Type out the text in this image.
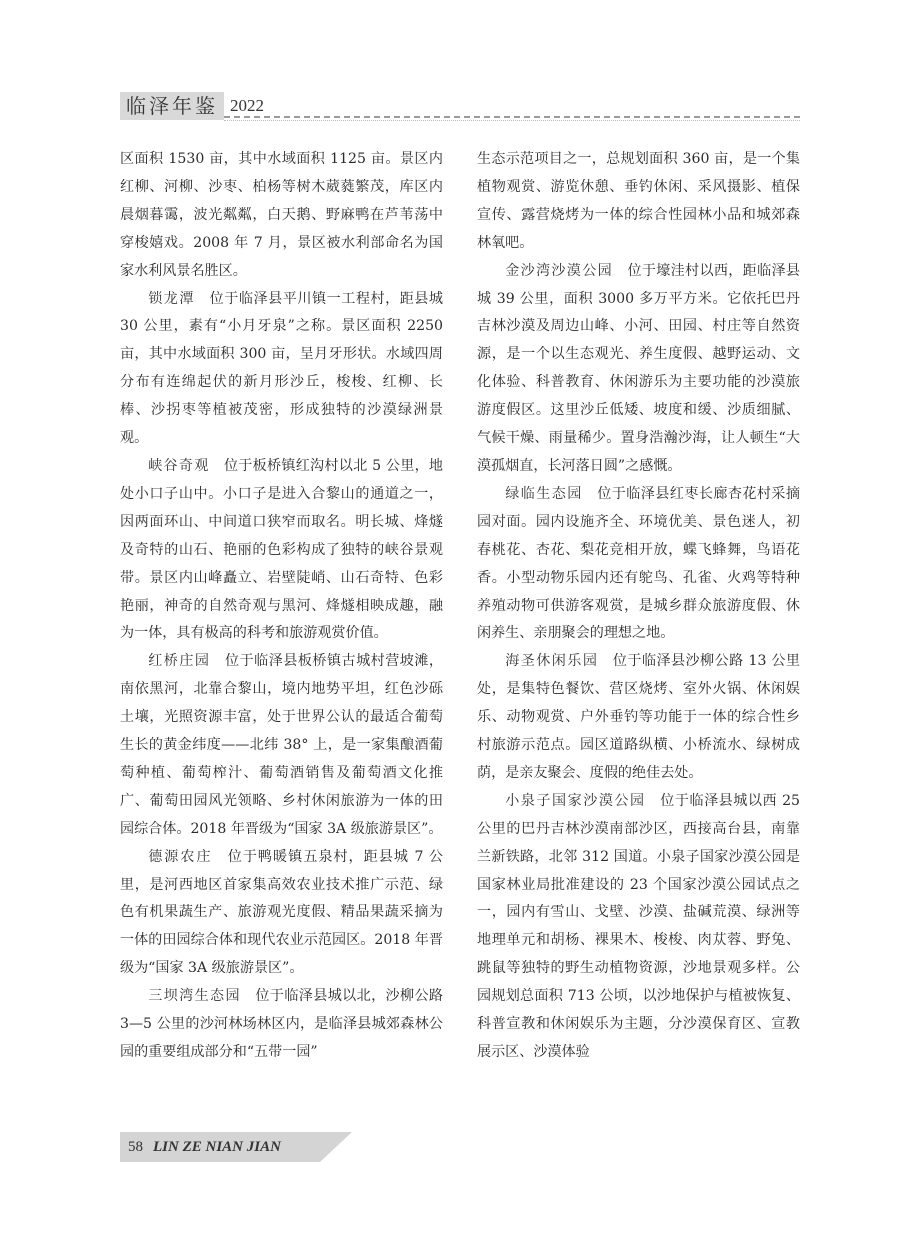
临泽年鉴 2022

区面积 1530 亩，其中水域面积 1125 亩。景区内红柳、河柳、沙枣、柏杨等树木葳蕤繁茂，库区内晨烟暮霭，波光粼粼，白天鹅、野麻鸭在芦苇荡中穿梭嬉戏。2008 年 7 月，景区被水利部命名为国家水利风景名胜区。

锁龙潭　 位于临泽县平川镇一工程村，距县城 30 公里，素有“小月牙泉”之称。景区面积 2250 亩，其中水域面积 300 亩，呈月牙形状。水域四周分布有连绵起伏的新月形沙丘，梭梭、红柳、长棒、沙拐枣等植被茂密，形成独特的沙漠绿洲景观。

峡谷奇观　 位于板桥镇红沟村以北 5 公里，地处小口子山中。小口子是进入合黎山的通道之一，因两面环山、中间道口狭窄而取名。明长城、烽燧及奇特的山石、艳丽的色彩构成了独特的峡谷景观带。景区内山峰矗立、岩壁陡峭、山石奇特、色彩艳丽，神奇的自然奇观与黑河、烽燧相映成趣，融为一体，具有极高的科考和旅游观赏价值。

红桥庄园　 位于临泽县板桥镇古城村营坡滩，南依黑河，北靠合黎山，境内地势平坦，红色沙砾土壤，光照资源丰富，处于世界公认的最适合葡萄生长的黄金纬度——北纬 38° 上，是一家集酿酒葡萄种植、葡萄榨汁、葡萄酒销售及葡萄酒文化推广、葡萄田园风光领略、乡村休闲旅游为一体的田园综合体。2018 年晋级为“国家 3A 级旅游景区”。

德源农庄　 位于鸭暖镇五泉村，距县城 7 公里，是河西地区首家集高效农业技术推广示范、绿色有机果蔬生产、旅游观光度假、精品果蔬采摘为一体的田园综合体和现代农业示范园区。2018 年晋级为“国家 3A 级旅游景区”。

三坝湾生态园　 位于临泽县城以北，沙柳公路 3—5 公里的沙河林场林区内，是临泽县城郊森林公园的重要组成部分和“五带一园”

生态示范项目之一，总规划面积 360 亩，是一个集植物观赏、游览休憩、垂钓休闲、采风摄影、植保宣传、露营烧烤为一体的综合性园林小品和城郊森林氧吧。

金沙湾沙漠公园　 位于壕洼村以西，距临泽县城 39 公里，面积 3000 多万平方米。它依托巴丹吉林沙漠及周边山峰、小河、田园、村庄等自然资源，是一个以生态观光、养生度假、越野运动、文化体验、科普教育、休闲游乐为主要功能的沙漠旅游度假区。这里沙丘低矮、坡度和缓、沙质细腻、气候干燥、雨量稀少。置身浩瀚沙海，让人顿生“大漠孤烟直，长河落日圆”之感慨。

绿临生态园　 位于临泽县红枣长廊杏花村采摘园对面。园内设施齐全、环境优美、景色迷人，初春桃花、杏花、梨花竞相开放，蝶飞蜂舞，鸟语花香。小型动物乐园内还有鸵鸟、孔雀、火鸡等特种养殖动物可供游客观赏，是城乡群众旅游度假、休闲养生、亲朋聚会的理想之地。

海圣休闲乐园　 位于临泽县沙柳公路 13 公里处，是集特色餐饮、营区烧烤、室外火锅、休闲娱乐、动物观赏、户外垂钓等功能于一体的综合性乡村旅游示范点。园区道路纵横、小桥流水、绿树成荫，是亲友聚会、度假的绝佳去处。

小泉子国家沙漠公园　 位于临泽县城以西 25 公里的巴丹吉林沙漠南部沙区，西接高台县，南靠兰新铁路，北邻 312 国道。小泉子国家沙漠公园是国家林业局批准建设的 23 个国家沙漠公园试点之一，园内有雪山、戈壁、沙漠、盐碱荒漠、绿洲等地理单元和胡杨、裸果木、梭梭、肉苁蓉、野兔、跳鼠等独特的野生动植物资源，沙地景观多样。公园规划总面积 713 公顷，以沙地保护与植被恢复、科普宣教和休闲娱乐为主题，分沙漠保育区、宣教展示区、沙漠体验

58 LIN ZE NIAN JIAN
